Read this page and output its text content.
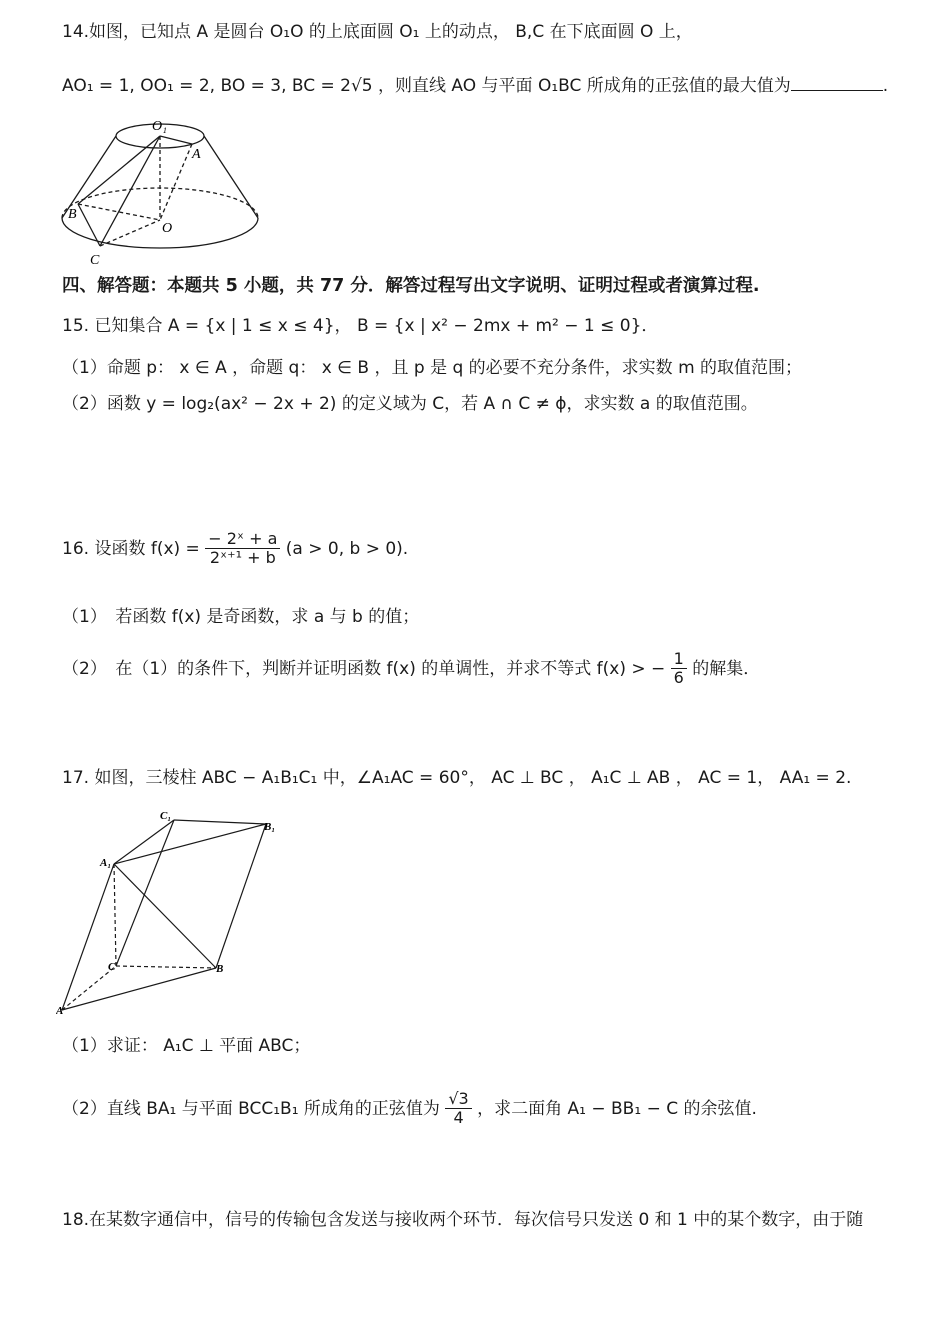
14.如图，已知点 A 是圆台 O₁O 的上底面圆 O₁ 上的动点， B,C 在下底面圆 O 上，
AO₁ = 1, OO₁ = 2, BO = 3, BC = 2√5 ，则直线 AO 与平面 O₁BC 所成角的正弦值的最大值为	.
O₁
A
B
O
C
四、解答题：本题共 5 小题，共 77 分．解答过程写出文字说明、证明过程或者演算过程.
15. 已知集合 A = {x | 1 ≤ x ≤ 4}， B = {x | x² − 2mx + m² − 1 ≤ 0}．
（1）命题 p： x ∈ A ，命题 q： x ∈ B ，且 p 是 q 的必要不充分条件，求实数 m 的取值范围；
（2）函数 y = log₂(ax² − 2x + 2) 的定义域为 C，若 A ∩ C ≠ ϕ，求实数 a 的取值范围。
16. 设函数 $f(x) = \frac{\text{− 2ˣ + a}}{\text{2ˣ⁺¹ + b}} (a > 0$, b > 0).
（1）　若函数 f(x) 是奇函数，求 a 与 b 的值；
（2）　在（1）的条件下，判断并证明函数 f(x) 的单调性，并求不等式 f(x) > − $\frac{1}{6}$ 的解集．
17. 如图，三棱柱 ABC − A₁B₁C₁ 中，∠A₁AC = 60°， AC ⊥ BC ， A₁C ⊥ AB ， AC = 1， AA₁ = 2.
C₁
B₁
A₁
C	B
A
（1）求证： A₁C ⊥ 平面 ABC；
（2）直线 BA₁ 与平面 BCC₁B₁ 所成角的正弦值为 $\frac{√3}{4}$ ，求二面角 A₁ − BB₁ − C 的余弦值.
18.在某数字通信中，信号的传输包含发送与接收两个环节．每次信号只发送 0 和 1 中的某个数字，由于随
